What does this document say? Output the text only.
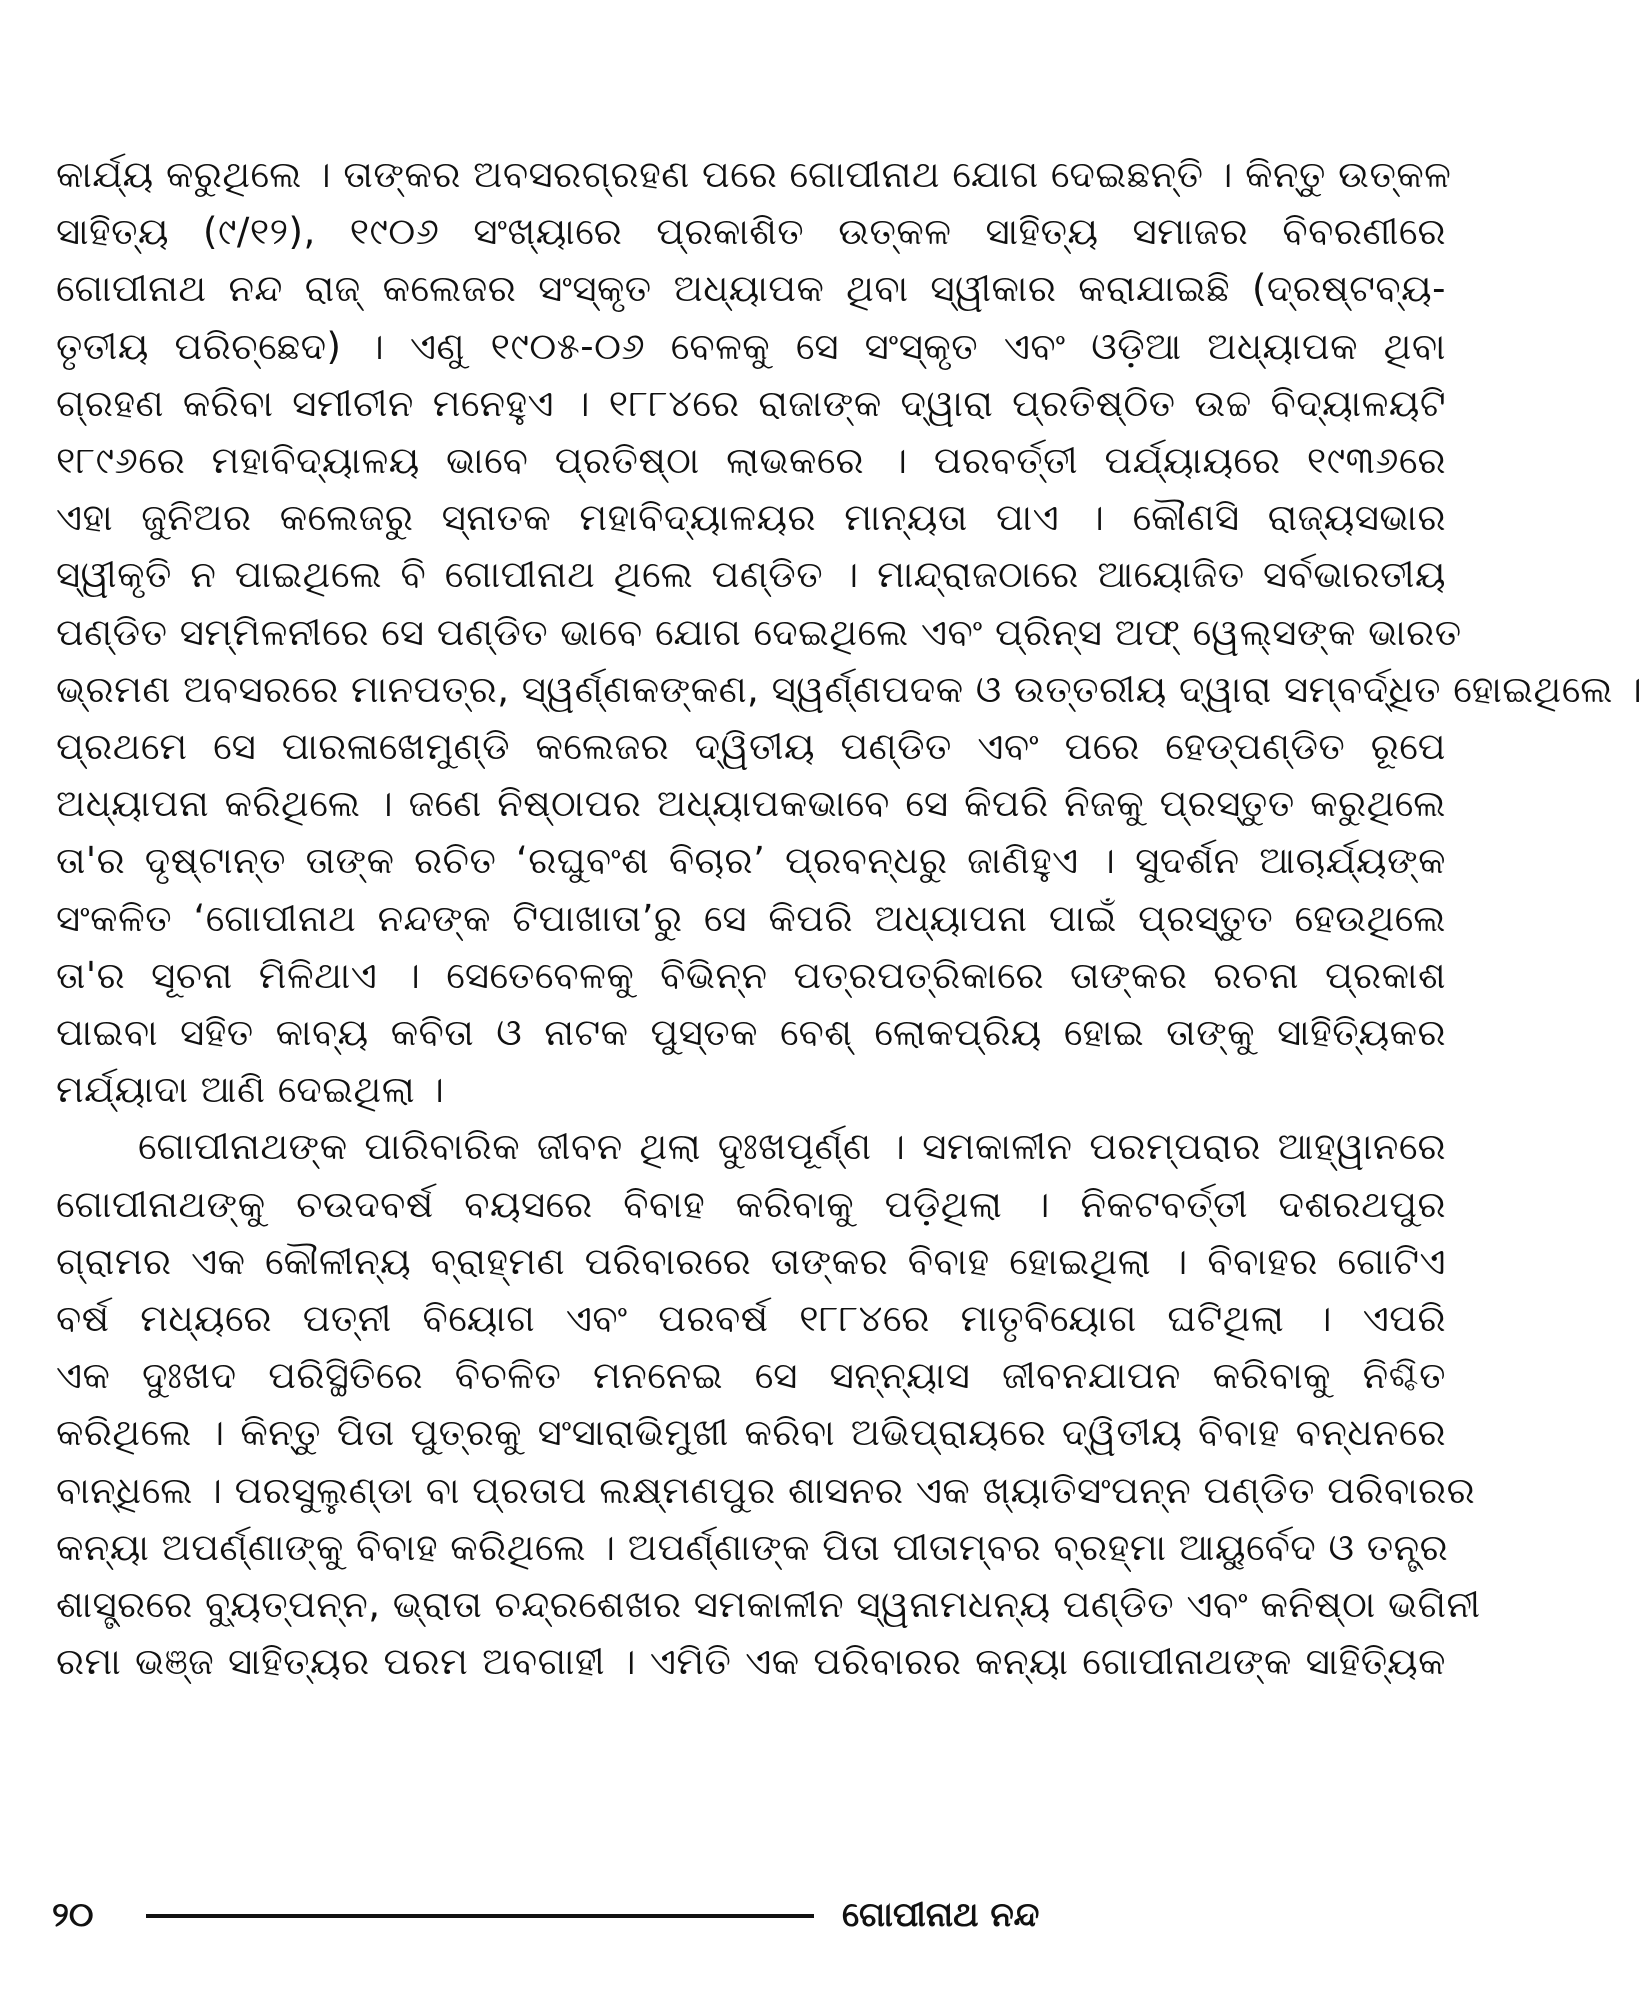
କାର୍ଯ୍ୟ କରୁଥିଲେ । ତାଙ୍କର ଅବସରଗ୍ରହଣ ପରେ ଗୋପୀନାଥ ଯୋଗ ଦେଇଛନ୍ତି । କିନ୍ତୁ ଉତ୍କଳ
ସାହିତ୍ୟ (୯/୧୨), ୧୯୦୬ ସଂଖ୍ୟାରେ ପ୍ରକାଶିତ ଉତ୍କଳ ସାହିତ୍ୟ ସମାଜର ବିବରଣୀରେ
ଗୋପୀନାଥ ନନ୍ଦ ରାଜ୍ କଲେଜର ସଂସ୍କୃତ ଅଧ୍ୟାପକ ଥିବା ସ୍ୱୀକାର କରାଯାଇଛି (ଦ୍ରଷ୍ଟବ୍ୟ-
ତୃତୀୟ ପରିଚ୍ଛେଦ) । ଏଣୁ ୧୯୦୫-୦୬ ବେଳକୁ ସେ ସଂସ୍କୃତ ଏବଂ ଓଡ଼ିଆ ଅଧ୍ୟାପକ ଥିବା
ଗ୍ରହଣ କରିବା ସମୀଚୀନ ମନେହୁଏ । ୧୮୮୪ରେ ରାଜାଙ୍କ ଦ୍ୱାରା ପ୍ରତିଷ୍ଠିତ ଉଚ୍ଚ ବିଦ୍ୟାଳୟଟି
୧୮୯୬ରେ ମହାବିଦ୍ୟାଳୟ ଭାବେ ପ୍ରତିଷ୍ଠା ଲାଭକରେ । ପରବର୍ତ୍ତୀ ପର୍ଯ୍ୟାୟରେ ୧୯୩୬ରେ
ଏହା ଜୁନିଅର କଲେଜରୁ ସ୍ନାତକ ମହାବିଦ୍ୟାଳୟର ମାନ୍ୟତା ପାଏ । କୌଣସି ରାଜ୍ୟସଭାର
ସ୍ୱୀକୃତି ନ ପାଇଥିଲେ ବି ଗୋପୀନାଥ ଥିଲେ ପଣ୍ଡିତ । ମାନ୍ଦ୍ରାଜଠାରେ ଆୟୋଜିତ ସର୍ବଭାରତୀୟ
ପଣ୍ଡିତ ସମ୍ମିଳନୀରେ ସେ ପଣ୍ଡିତ ଭାବେ ଯୋଗ ଦେଇଥିଲେ ଏବଂ ପ୍ରିନ୍ସ ଅଫ୍ ୱେଲ୍ସଙ୍କ ଭାରତ
ଭ୍ରମଣ ଅବସରରେ ମାନପତ୍ର, ସ୍ୱର୍ଣ୍ଣକଙ୍କଣ, ସ୍ୱର୍ଣ୍ଣପଦକ ଓ ଉତ୍ତରୀୟ ଦ୍ୱାରା ସମ୍ବର୍ଦ୍ଧିତ ହୋଇଥିଲେ ।
ପ୍ରଥମେ ସେ ପାରଳାଖେମୁଣ୍ଡି କଲେଜର ଦ୍ୱିତୀୟ ପଣ୍ଡିତ ଏବଂ ପରେ ହେଡ୍‌ପଣ୍ଡିତ ରୂପେ
ଅଧ୍ୟାପନା କରିଥିଲେ । ଜଣେ ନିଷ୍ଠାପର ଅଧ୍ୟାପକଭାବେ ସେ କିପରି ନିଜକୁ ପ୍ରସ୍ତୁତ କରୁଥିଲେ
ତା'ର ଦୃଷ୍ଟାନ୍ତ ତାଙ୍କ ରଚିତ ‘ରଘୁବଂଶ ବିଚାର’ ପ୍ରବନ୍ଧରୁ ଜାଣିହୁଏ । ସୁଦର୍ଶନ ଆଚାର୍ଯ୍ୟଙ୍କ
ସଂକଳିତ ‘ଗୋପୀନାଥ ନନ୍ଦଙ୍କ ଟିପାଖାତା’ରୁ ସେ କିପରି ଅଧ୍ୟାପନା ପାଇଁ ପ୍ରସ୍ତୁତ ହେଉଥିଲେ
ତା'ର ସୂଚନା ମିଳିଥାଏ । ସେତେବେଳକୁ ବିଭିନ୍ନ ପତ୍ରପତ୍ରିକାରେ ତାଙ୍କର ରଚନା ପ୍ରକାଶ
ପାଇବା ସହିତ କାବ୍ୟ କବିତା ଓ ନାଟକ ପୁସ୍ତକ ବେଶ୍ ଲୋକପ୍ରିୟ ହୋଇ ତାଙ୍କୁ ସାହିତ୍ୟିକର
ମର୍ଯ୍ୟାଦା ଆଣି ଦେଇଥିଲା ।
ଗୋପୀନାଥଙ୍କ ପାରିବାରିକ ଜୀବନ ଥିଲା ଦୁଃଖପୂର୍ଣ୍ଣ । ସମକାଳୀନ ପରମ୍ପରାର ଆହ୍ୱାନରେ
ଗୋପୀନାଥଙ୍କୁ ଚଉଦବର୍ଷ ବୟସରେ ବିବାହ କରିବାକୁ ପଡ଼ିଥିଲା । ନିକଟବର୍ତ୍ତୀ ଦଶରଥପୁର
ଗ୍ରାମର ଏକ କୌଳୀନ୍ୟ ବ୍ରାହ୍ମଣ ପରିବାରରେ ତାଙ୍କର ବିବାହ ହୋଇଥିଲା । ବିବାହର ଗୋଟିଏ
ବର୍ଷ ମଧ୍ୟରେ ପତ୍ନୀ ବିୟୋଗ ଏବଂ ପରବର୍ଷ ୧୮୮୪ରେ ମାତୃବିୟୋଗ ଘଟିଥିଲା । ଏପରି
ଏକ ଦୁଃଖଦ ପରିସ୍ଥିତିରେ ବିଚଳିତ ମନନେଇ ସେ ସନ୍ନ୍ୟାସ ଜୀବନଯାପନ କରିବାକୁ ନିଶ୍ଚିତ
କରିଥିଲେ । କିନ୍ତୁ ପିତା ପୁତ୍ରକୁ ସଂସାରାଭିମୁଖୀ କରିବା ଅଭିପ୍ରାୟରେ ଦ୍ୱିତୀୟ ବିବାହ ବନ୍ଧନରେ
ବାନ୍ଧିଲେ । ପରସୁଲୁଣ୍ଡା ବା ପ୍ରତାପ ଲକ୍ଷ୍ମଣପୁର ଶାସନର ଏକ ଖ୍ୟାତିସଂପନ୍ନ ପଣ୍ଡିତ ପରିବାରର
କନ୍ୟା ଅପର୍ଣ୍ଣାଙ୍କୁ ବିବାହ କରିଥିଲେ । ଅପର୍ଣ୍ଣାଙ୍କ ପିତା ପୀତାମ୍ବର ବ୍ରହ୍ମା ଆୟୁର୍ବେଦ ଓ ତନ୍ତ୍ର
ଶାସ୍ତ୍ରରେ ବ୍ୟୁତ୍ପନ୍ନ, ଭ୍ରାତା ଚନ୍ଦ୍ରଶେଖର ସମକାଳୀନ ସ୍ୱନାମଧନ୍ୟ ପଣ୍ଡିତ ଏବଂ କନିଷ୍ଠା ଭଗିନୀ
ରମା ଭଞ୍ଜ ସାହିତ୍ୟର ପରମ ଅବଗାହୀ । ଏମିତି ଏକ ପରିବାରର କନ୍ୟା ଗୋପୀନାଥଙ୍କ ସାହିତ୍ୟିକ
୨୦	ଗୋପୀନାଥ ନନ୍ଦ
